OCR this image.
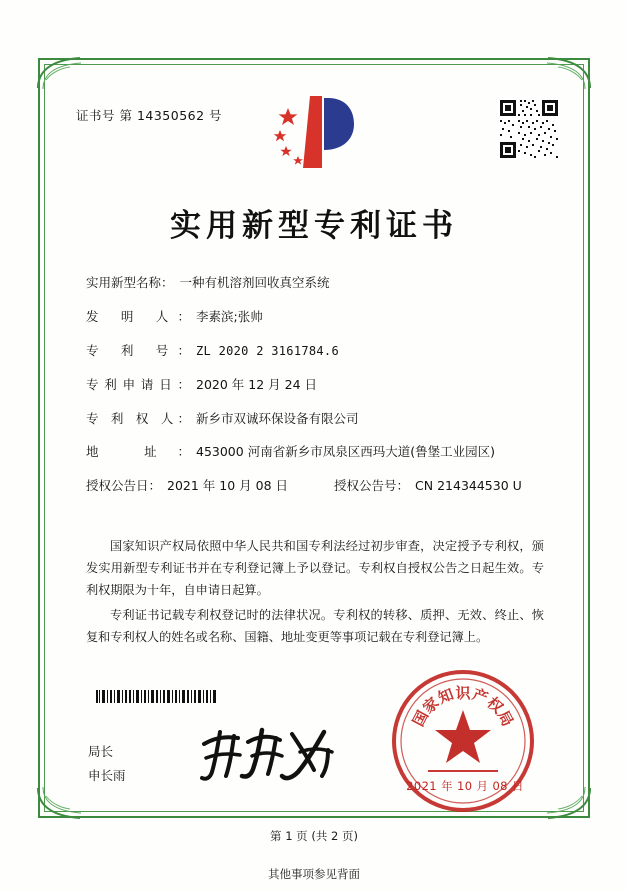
证书号 第 14350562 号
实用新型专利证书
实用新型名称： 一种有机溶剂回收真空系统
发 明 人： 李素滨;张帅
专 利 号： ZL 2020 2 3161784.6
专利申请日： 2020 年 12 月 24 日
专 利 权 人： 新乡市双诚环保设备有限公司
地 址： 453000 河南省新乡市凤泉区西玛大道(鲁堡工业园区)
授权公告日： 2021 年 10 月 08 日	授权公告号： CN 214344530 U

国家知识产权局依照中华人民共和国专利法经过初步审查，决定授予专利权，颁发实用新型专利证书并在专利登记簿上予以登记。专利权自授权公告之日起生效。专利权期限为十年，自申请日起算。

专利证书记载专利权登记时的法律状况。专利权的转移、质押、无效、终止、恢复和专利权人的姓名或名称、国籍、地址变更等事项记载在专利登记簿上。

局长
申长雨
国
家
知 识 产
权
局
2021 年 10 月 08 日
第 1 页 (共 2 页)
其他事项参见背面
